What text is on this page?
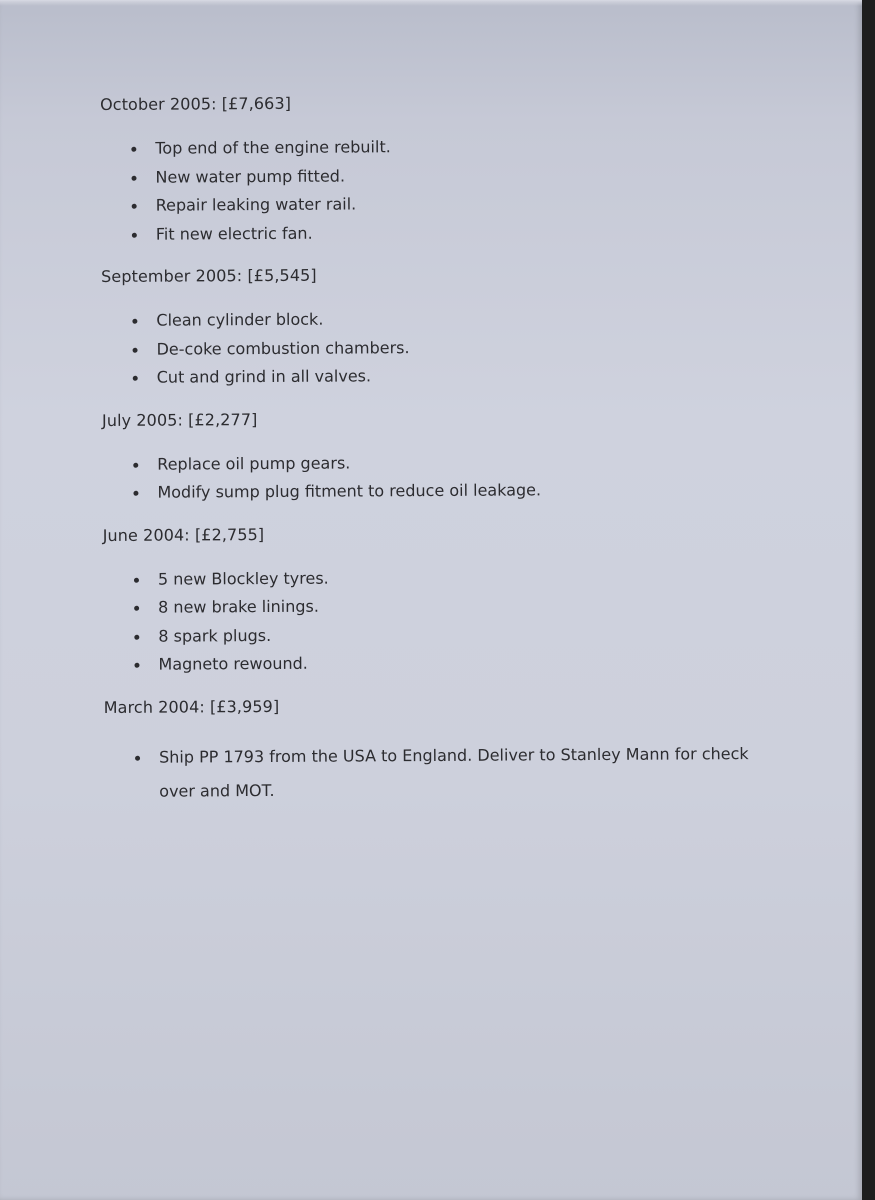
October 2005: [£7,663]
Top end of the engine rebuilt.
New water pump fitted.
Repair leaking water rail.
Fit new electric fan.
September 2005: [£5,545]
Clean cylinder block.
De-coke combustion chambers.
Cut and grind in all valves.
July 2005: [£2,277]
Replace oil pump gears.
Modify sump plug fitment to reduce oil leakage.
June 2004: [£2,755]
5 new Blockley tyres.
8 new brake linings.
8 spark plugs.
Magneto rewound.
March 2004: [£3,959]
Ship PP 1793 from the USA to England. Deliver to Stanley Mann for check over and MOT.
